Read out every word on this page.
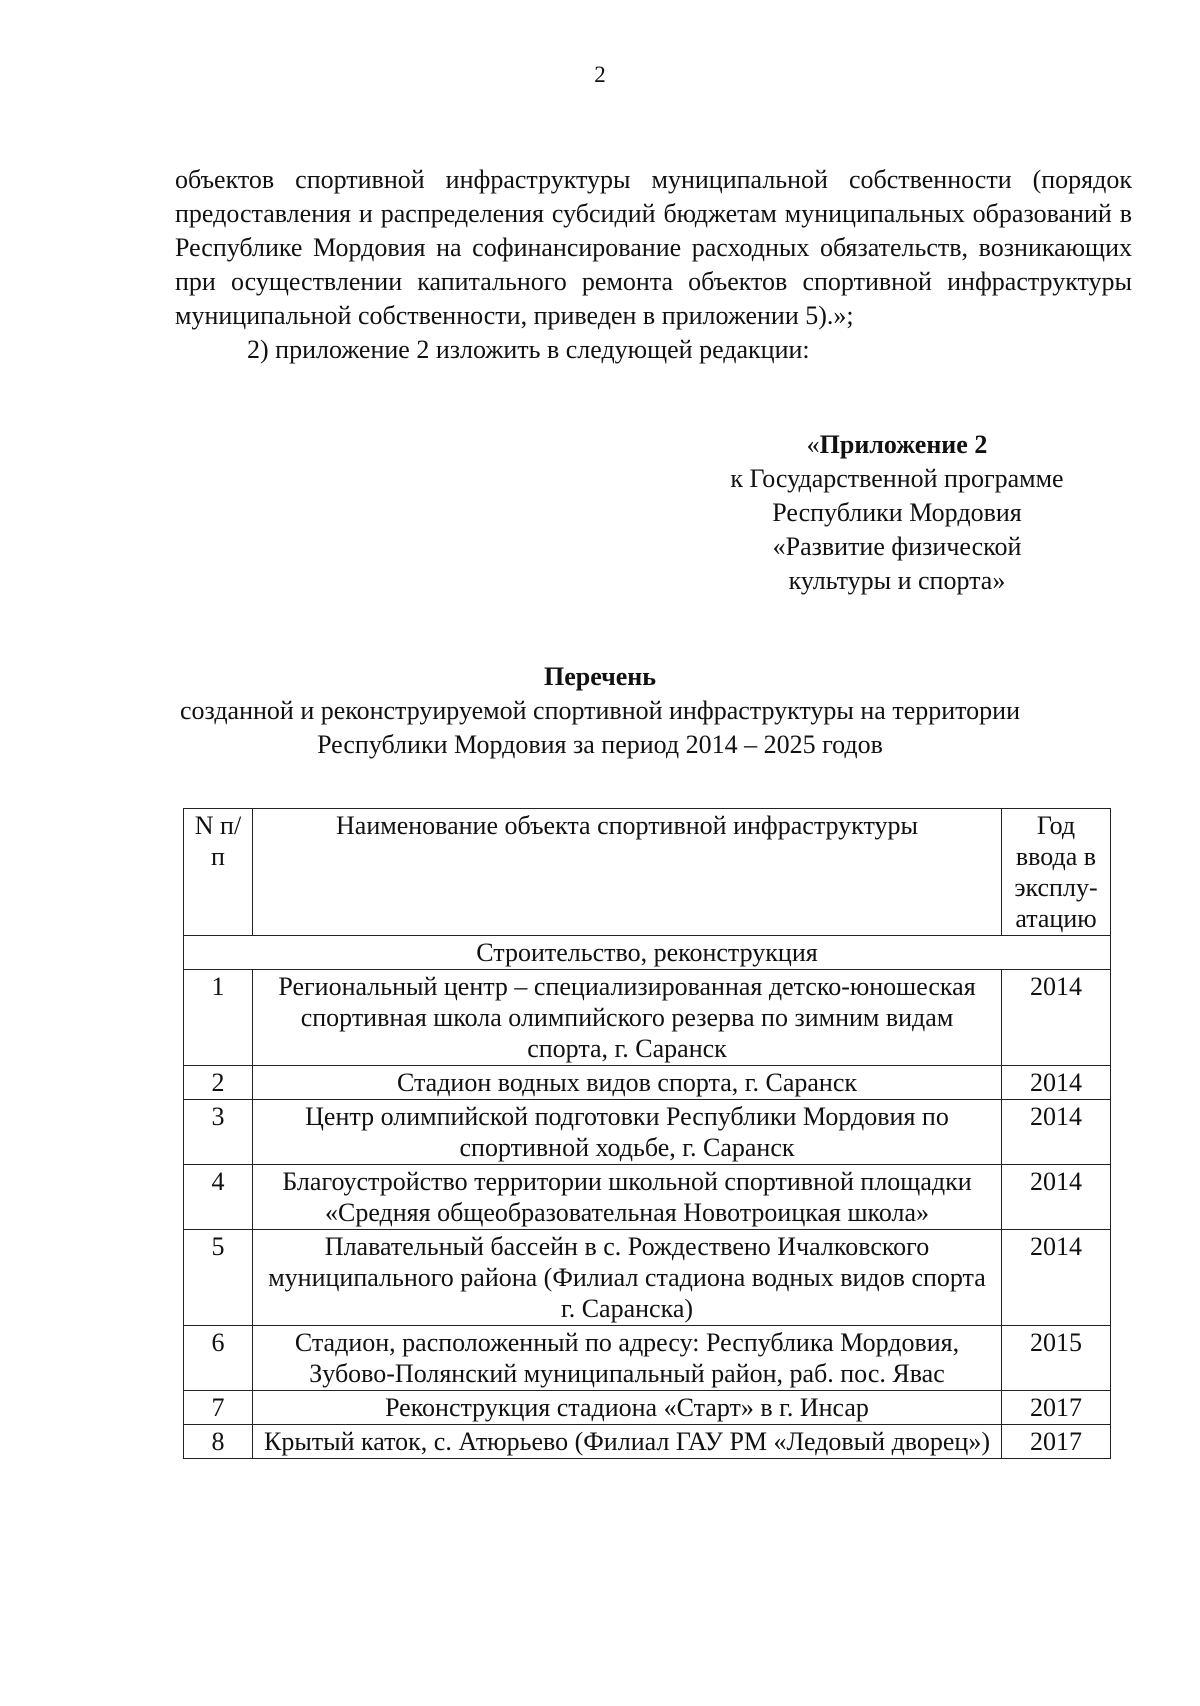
2

объектов спортивной инфраструктуры муниципальной собственности (порядок предоставления и распределения субсидий бюджетам муниципальных образований в Республике Мордовия на софинансирование расходных обязательств, возникающих при осуществлении капитального ремонта объектов спортивной инфраструктуры муниципальной собственности, приведен в приложении 5).»;

2) приложение 2 изложить в следующей редакции:

«Приложение 2
к Государственной программе
Республики Мордовия
«Развитие физической
культуры и спорта»
Перечень
созданной и реконструируемой спортивной инфраструктуры на территории
Республики Мордовия за период 2014 – 2025 годов
N п/п	Наименование объекта спортивной инфраструктуры	Год ввода в эксплу-атацию
Строительство, реконструкция		
1	Региональный центр – специализированная детско-юношеская спортивная школа олимпийского резерва по зимним видам спорта, г. Саранск	2014
2	Стадион водных видов спорта, г. Саранск	2014
3	Центр олимпийской подготовки Республики Мордовия по спортивной ходьбе, г. Саранск	2014
4	Благоустройство территории школьной спортивной площадки «Средняя общеобразовательная Новотроицкая школа»	2014
5	Плавательный бассейн в с. Рождествено Ичалковского муниципального района (Филиал стадиона водных видов спорта г. Саранска)	2014
6	Стадион, расположенный по адресу: Республика Мордовия, Зубово-Полянский муниципальный район, раб. пос. Явас	2015
7	Реконструкция стадиона «Старт» в г. Инсар	2017
8	Крытый каток, с. Атюрьево (Филиал ГАУ РМ «Ледовый дворец»)	2017
